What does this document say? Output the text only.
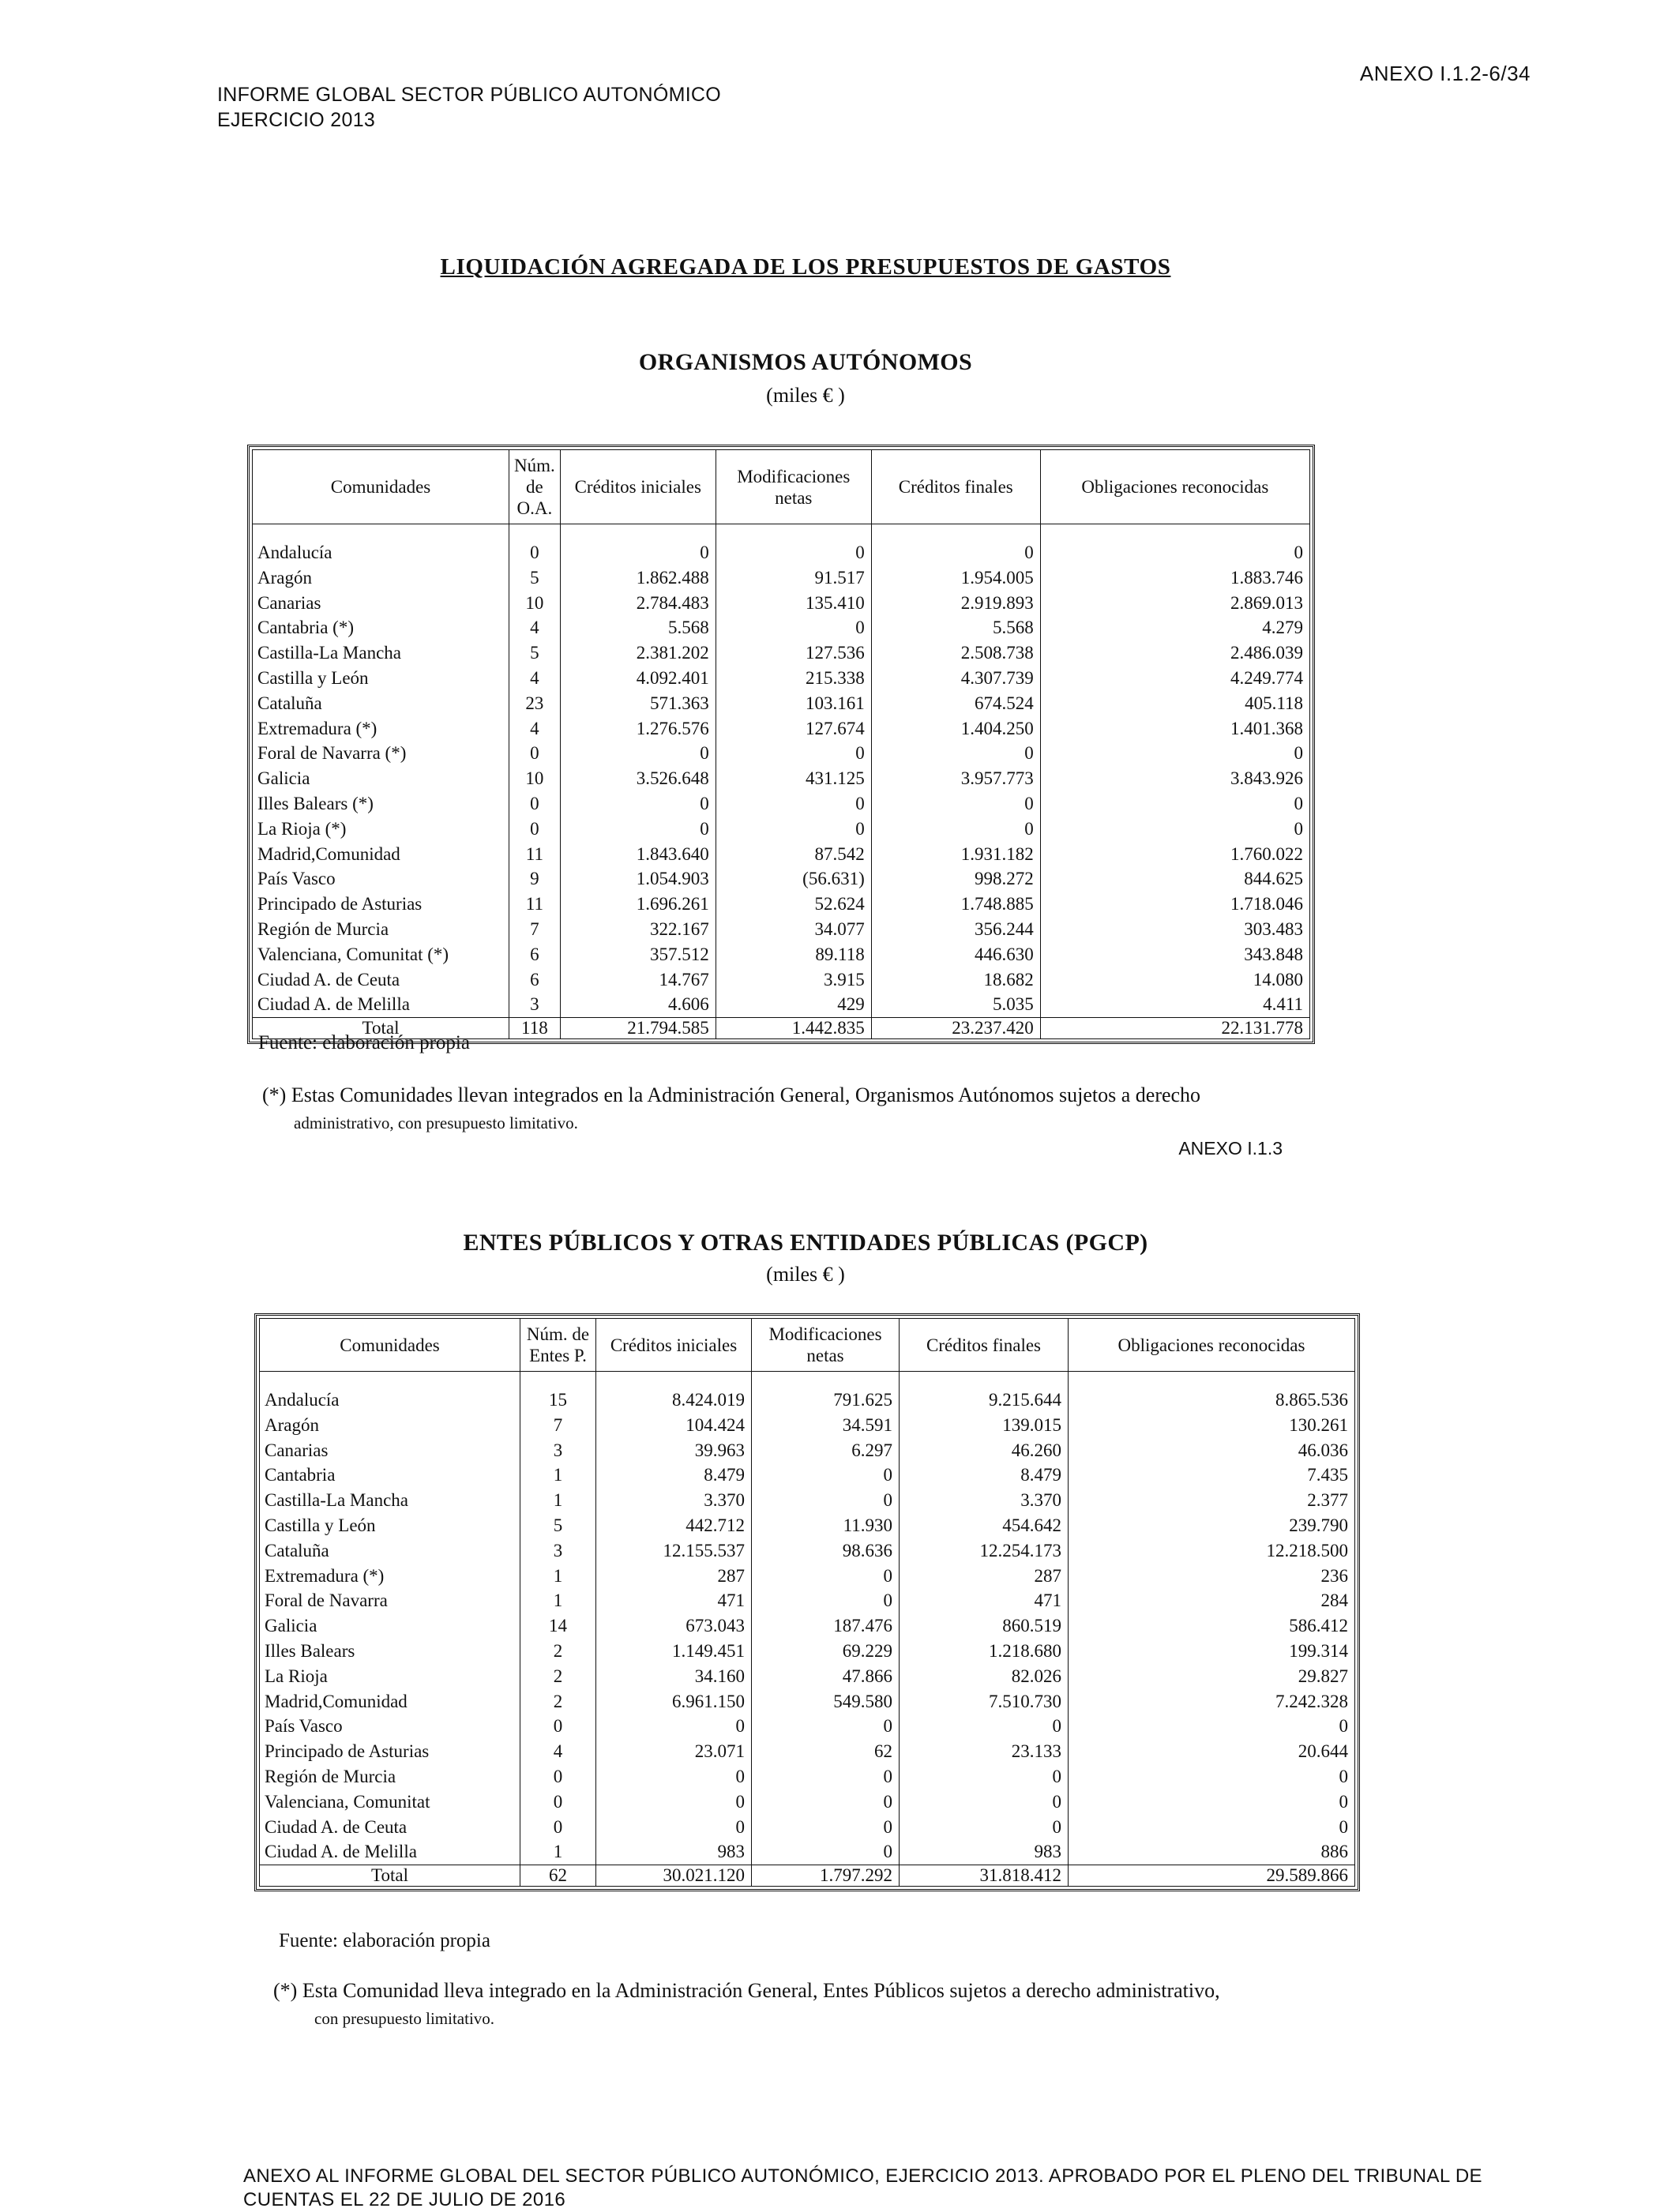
INFORME GLOBAL SECTOR PÚBLICO AUTONÓMICO
EJERCICIO 2013
ANEXO I.1.2-6/34
LIQUIDACIÓN AGREGADA DE LOS PRESUPUESTOS DE GASTOS
ORGANISMOS AUTÓNOMOS
(miles € )
Comunidades	Núm. de O.A.	Créditos iniciales	Modificaciones netas	Créditos finales	Obligaciones reconocidas

Andalucía	0	0	0	0	0
Aragón	5	1.862.488	91.517	1.954.005	1.883.746
Canarias	10	2.784.483	135.410	2.919.893	2.869.013
Cantabria (*)	4	5.568	0	5.568	4.279
Castilla-La Mancha	5	2.381.202	127.536	2.508.738	2.486.039
Castilla y León	4	4.092.401	215.338	4.307.739	4.249.774
Cataluña	23	571.363	103.161	674.524	405.118
Extremadura (*)	4	1.276.576	127.674	1.404.250	1.401.368
Foral de Navarra (*)	0	0	0	0	0
Galicia	10	3.526.648	431.125	3.957.773	3.843.926
Illes Balears (*)	0	0	0	0	0
La Rioja (*)	0	0	0	0	0
Madrid,Comunidad	11	1.843.640	87.542	1.931.182	1.760.022
País Vasco	9	1.054.903	(56.631)	998.272	844.625
Principado de Asturias	11	1.696.261	52.624	1.748.885	1.718.046
Región de Murcia	7	322.167	34.077	356.244	303.483
Valenciana, Comunitat (*)	6	357.512	89.118	446.630	343.848
Ciudad A. de Ceuta	6	14.767	3.915	18.682	14.080
Ciudad A. de Melilla	3	4.606	429	5.035	4.411
Total	118	21.794.585	1.442.835	23.237.420	22.131.778
Fuente: elaboración propia
(*) Estas Comunidades llevan integrados en la Administración General, Organismos Autónomos sujetos a derecho
administrativo, con presupuesto limitativo.
ANEXO I.1.3
ENTES PÚBLICOS Y OTRAS ENTIDADES PÚBLICAS (PGCP)
(miles € )
Comunidades	Núm. de Entes P.	Créditos iniciales	Modificaciones netas	Créditos finales	Obligaciones reconocidas

Andalucía	15	8.424.019	791.625	9.215.644	8.865.536
Aragón	7	104.424	34.591	139.015	130.261
Canarias	3	39.963	6.297	46.260	46.036
Cantabria	1	8.479	0	8.479	7.435
Castilla-La Mancha	1	3.370	0	3.370	2.377
Castilla y León	5	442.712	11.930	454.642	239.790
Cataluña	3	12.155.537	98.636	12.254.173	12.218.500
Extremadura (*)	1	287	0	287	236
Foral de Navarra	1	471	0	471	284
Galicia	14	673.043	187.476	860.519	586.412
Illes Balears	2	1.149.451	69.229	1.218.680	199.314
La Rioja	2	34.160	47.866	82.026	29.827
Madrid,Comunidad	2	6.961.150	549.580	7.510.730	7.242.328
País Vasco	0	0	0	0	0
Principado de Asturias	4	23.071	62	23.133	20.644
Región de Murcia	0	0	0	0	0
Valenciana, Comunitat	0	0	0	0	0
Ciudad A. de Ceuta	0	0	0	0	0
Ciudad A. de Melilla	1	983	0	983	886
Total	62	30.021.120	1.797.292	31.818.412	29.589.866
Fuente: elaboración propia
(*) Esta Comunidad lleva integrado en la Administración General, Entes Públicos sujetos a derecho administrativo,
con presupuesto limitativo.
ANEXO AL INFORME GLOBAL DEL SECTOR PÚBLICO AUTONÓMICO, EJERCICIO 2013. APROBADO POR EL PLENO DEL TRIBUNAL DE
CUENTAS EL 22 DE JULIO DE 2016
